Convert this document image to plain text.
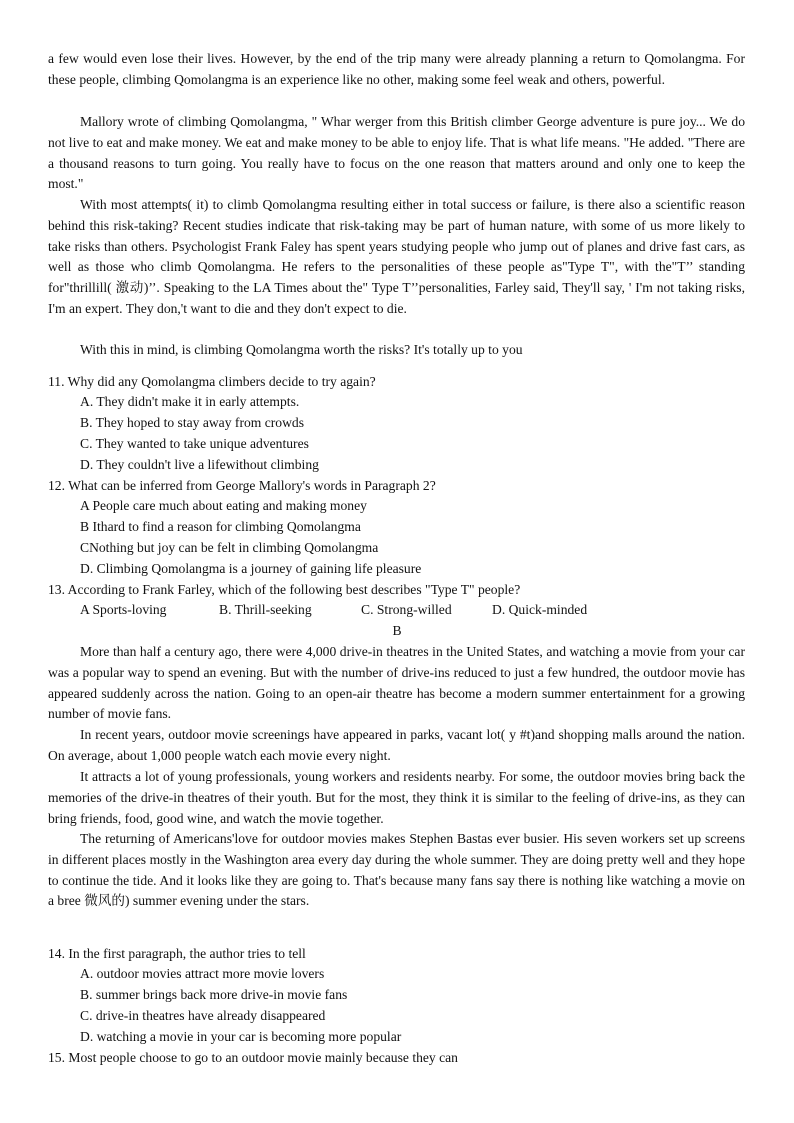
a few would even lose their lives. However, by the end of the trip many were already planning a return to Qomolangma. For these people, climbing Qomolangma is an experience like no other, making some feel weak and others, powerful.

Mallory wrote of climbing Qomolangma, " Whar werger from this British climber George adventure is pure joy... We do not live to eat and make money. We eat and make money to be able to enjoy life. That is what life means. "He added. "There are a thousand reasons to turn going. You really have to focus on the one reason that matters around and only one to keep the most."

With most attempts( it) to climb Qomolangma resulting either in total success or failure, is there also a scientific reason behind this risk-taking? Recent studies indicate that risk-taking may be part of human nature, with some of us more likely to take risks than others. Psychologist Frank Faley has spent years studying people who jump out of planes and drive fast cars, as well as those who climb Qomolangma. He refers to the personalities of these people as"Type T", with the"T’’ standing for"thrillill( 激动)’’. Speaking to the LA Times about the" Type T’’personalities, Farley said, They'll say, ' I'm not taking risks, I'm an expert. They don,'t want to die and they don't expect to die.

With this in mind, is climbing Qomolangma worth the risks? It's totally up to you

11. Why did any Qomolangma climbers decide to try again?

A. They didn't make it in early attempts.

B. They hoped to stay away from crowds

C. They wanted to take unique adventures

D. They couldn't live a lifewithout climbing

12. What can be inferred from George Mallory's words in Paragraph 2?

A People care much about eating and making money

B Ithard to find a reason for climbing Qomolangma

CNothing but joy can be felt in climbing Qomolangma

D. Climbing Qomolangma is a journey of gaining life pleasure

13. According to Frank Farley, which of the following best describes "Type T" people?

A Sports-loving	B. Thrill-seeking	C. Strong-willed	D. Quick-minded

B

More than half a century ago, there were 4,000 drive-in theatres in the United States, and watching a movie from your car was a popular way to spend an evening. But with the number of drive-ins reduced to just a few hundred, the outdoor movie has appeared suddenly across the nation. Going to an open-air theatre has become a modern summer entertainment for a growing number of movie fans.

In recent years, outdoor movie screenings have appeared in parks, vacant lot( y #t)and shopping malls around the nation. On average, about 1,000 people watch each movie every night.

It attracts a lot of young professionals, young workers and residents nearby. For some, the outdoor movies bring back the memories of the drive-in theatres of their youth. But for the most, they think it is similar to the feeling of drive-ins, as they can bring friends, food, good wine, and watch the movie together.

The returning of Americans'love for outdoor movies makes Stephen Bastas ever busier. His seven workers set up screens in different places mostly in the Washington area every day during the whole summer. They are doing pretty well and they hope to continue the tide. And it looks like they are going to. That's because many fans say there is nothing like watching a movie on a bree 微风的) summer evening under the stars.

14. In the first paragraph, the author tries to tell

A. outdoor movies attract more movie lovers

B. summer brings back more drive-in movie fans

C. drive-in theatres have already disappeared

D. watching a movie in your car is becoming more popular

15. Most people choose to go to an outdoor movie mainly because they can
